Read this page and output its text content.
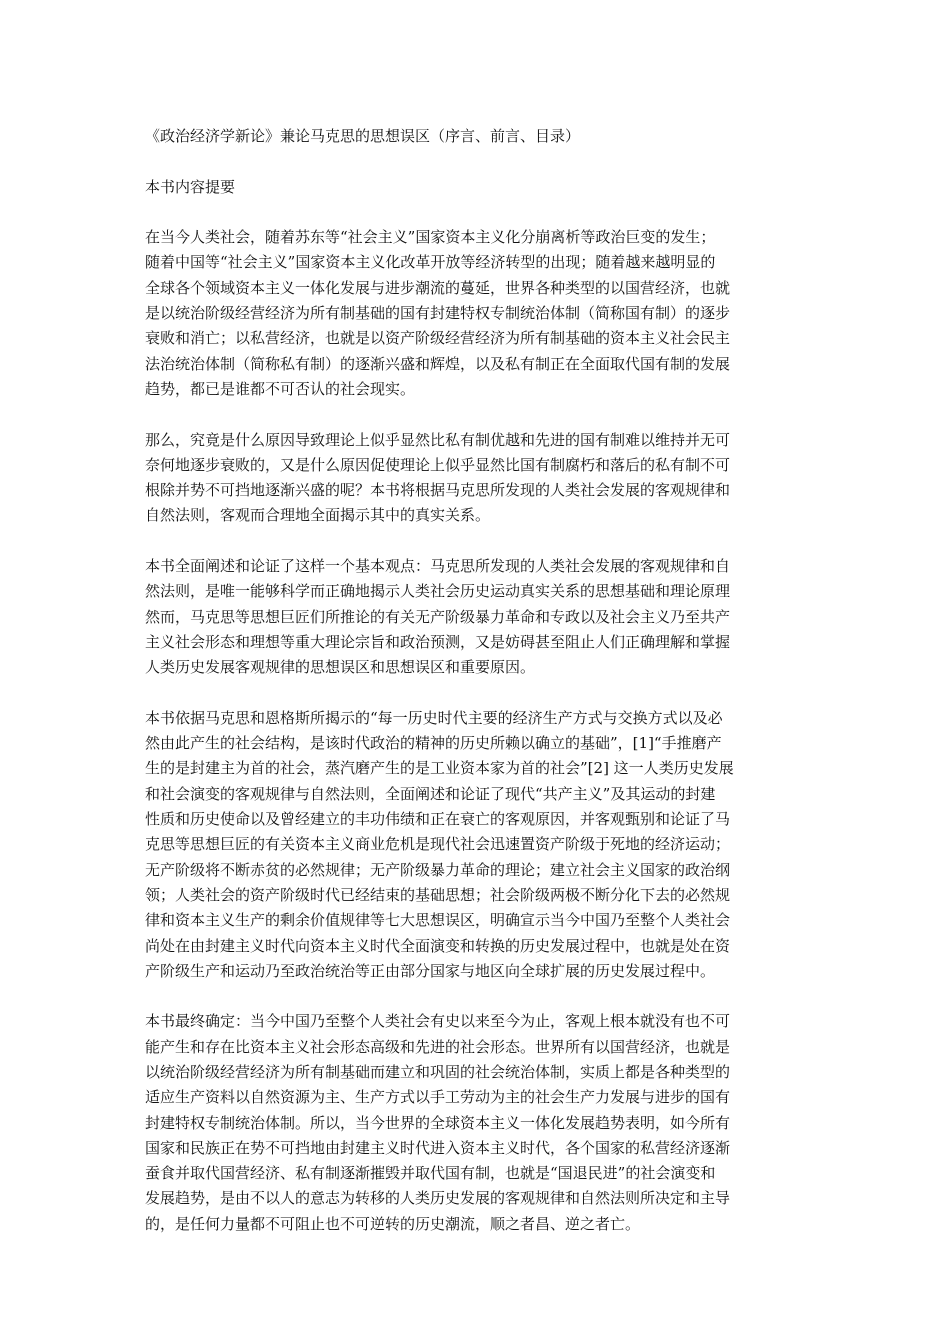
《政治经济学新论》兼论马克思的思想误区（序言、前言、目录）
本书内容提要
在当今人类社会，随着苏东等“社会主义”国家资本主义化分崩离析等政治巨变的发生；
随着中国等“社会主义”国家资本主义化改革开放等经济转型的出现；随着越来越明显的
全球各个领域资本主义一体化发展与进步潮流的蔓延，世界各种类型的以国营经济，也就
是以统治阶级经营经济为所有制基础的国有封建特权专制统治体制（简称国有制）的逐步
衰败和消亡；以私营经济，也就是以资产阶级经营经济为所有制基础的资本主义社会民主
法治统治体制（简称私有制）的逐渐兴盛和辉煌，以及私有制正在全面取代国有制的发展
趋势，都已是谁都不可否认的社会现实。
那么，究竟是什么原因导致理论上似乎显然比私有制优越和先进的国有制难以维持并无可
奈何地逐步衰败的，又是什么原因促使理论上似乎显然比国有制腐朽和落后的私有制不可
根除并势不可挡地逐渐兴盛的呢？本书将根据马克思所发现的人类社会发展的客观规律和
自然法则，客观而合理地全面揭示其中的真实关系。
本书全面阐述和论证了这样一个基本观点：马克思所发现的人类社会发展的客观规律和自
然法则，是唯一能够科学而正确地揭示人类社会历史运动真实关系的思想基础和理论原理
然而，马克思等思想巨匠们所推论的有关无产阶级暴力革命和专政以及社会主义乃至共产
主义社会形态和理想等重大理论宗旨和政治预测，又是妨碍甚至阻止人们正确理解和掌握
人类历史发展客观规律的思想误区和思想误区和重要原因。
本书依据马克思和恩格斯所揭示的“每一历史时代主要的经济生产方式与交换方式以及必
然由此产生的社会结构，是该时代政治的精神的历史所赖以确立的基础”，[1]“手推磨产
生的是封建主为首的社会，蒸汽磨产生的是工业资本家为首的社会”[2] 这一人类历史发展
和社会演变的客观规律与自然法则，全面阐述和论证了现代“共产主义”及其运动的封建
性质和历史使命以及曾经建立的丰功伟绩和正在衰亡的客观原因，并客观甄别和论证了马
克思等思想巨匠的有关资本主义商业危机是现代社会迅速置资产阶级于死地的经济运动；
无产阶级将不断赤贫的必然规律；无产阶级暴力革命的理论；建立社会主义国家的政治纲
领；人类社会的资产阶级时代已经结束的基础思想；社会阶级两极不断分化下去的必然规
律和资本主义生产的剩余价值规律等七大思想误区，明确宣示当今中国乃至整个人类社会
尚处在由封建主义时代向资本主义时代全面演变和转换的历史发展过程中，也就是处在资
产阶级生产和运动乃至政治统治等正由部分国家与地区向全球扩展的历史发展过程中。
本书最终确定：当今中国乃至整个人类社会有史以来至今为止，客观上根本就没有也不可
能产生和存在比资本主义社会形态高级和先进的社会形态。世界所有以国营经济，也就是
以统治阶级经营经济为所有制基础而建立和巩固的社会统治体制，实质上都是各种类型的
适应生产资料以自然资源为主、生产方式以手工劳动为主的社会生产力发展与进步的国有
封建特权专制统治体制。所以，当今世界的全球资本主义一体化发展趋势表明，如今所有
国家和民族正在势不可挡地由封建主义时代进入资本主义时代，各个国家的私营经济逐渐
蚕食并取代国营经济、私有制逐渐摧毁并取代国有制，也就是“国退民进”的社会演变和
发展趋势，是由不以人的意志为转移的人类历史发展的客观规律和自然法则所决定和主导
的，是任何力量都不可阻止也不可逆转的历史潮流，顺之者昌、逆之者亡。
